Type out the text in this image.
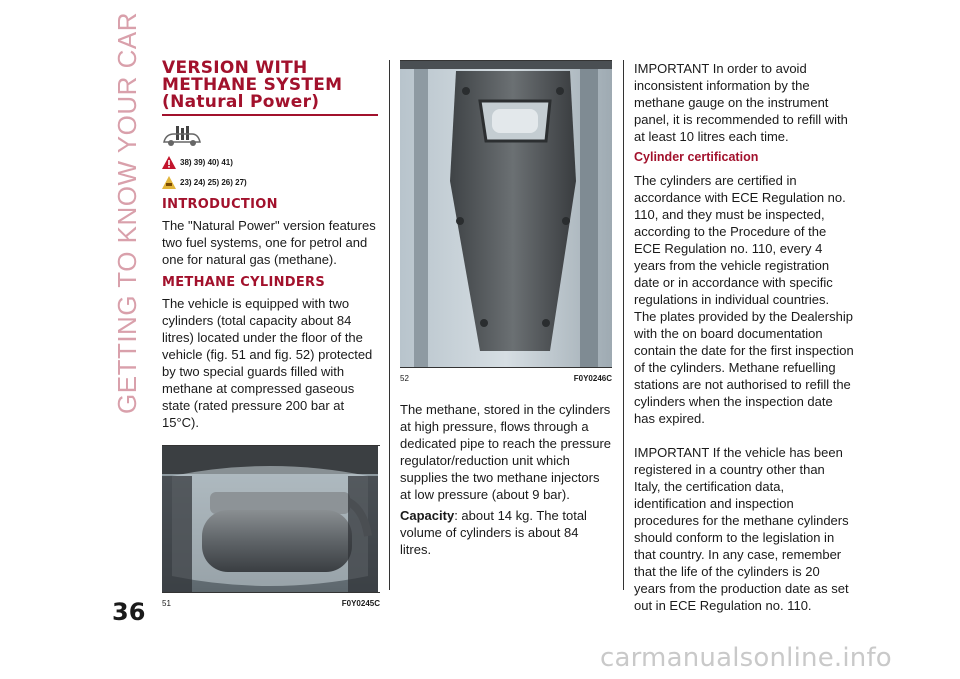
GETTING TO KNOW YOUR CAR
36
VERSION WITH
METHANE SYSTEM
(Natural Power)
38) 39) 40) 41)
23) 24) 25) 26) 27)
INTRODUCTION

The "Natural Power" version features two fuel systems, one for petrol and one for natural gas (methane).

METHANE CYLINDERS

The vehicle is equipped with two cylinders (total capacity about 84 litres) located under the floor of the vehicle (fig. 51 and fig. 52) protected by two special guards filled with methane at compressed gaseous state (rated pressure 200 bar at 15°C).

51	F0Y0245C
52	F0Y0246C

The methane, stored in the cylinders at high pressure, flows through a dedicated pipe to reach the pressure regulator/reduction unit which supplies the two methane injectors at low pressure (about 9 bar).

Capacity: about 14 kg. The total volume of cylinders is about 84 litres.

IMPORTANT In order to avoid inconsistent information by the methane gauge on the instrument panel, it is recommended to refill with at least 10 litres each time.

Cylinder certification

The cylinders are certified in accordance with ECE Regulation no. 110, and they must be inspected, according to the Procedure of the ECE Regulation no. 110, every 4 years from the vehicle registration date or in accordance with specific regulations in individual countries.

The plates provided by the Dealership with the on board documentation contain the date for the first inspection of the cylinders. Methane refuelling stations are not authorised to refill the cylinders when the inspection date has expired.

IMPORTANT If the vehicle has been registered in a country other than Italy, the certification data, identification and inspection procedures for the methane cylinders should conform to the legislation in that country. In any case, remember that the life of the cylinders is 20 years from the production date as set out in ECE Regulation no. 110.

carmanualsonline.info
